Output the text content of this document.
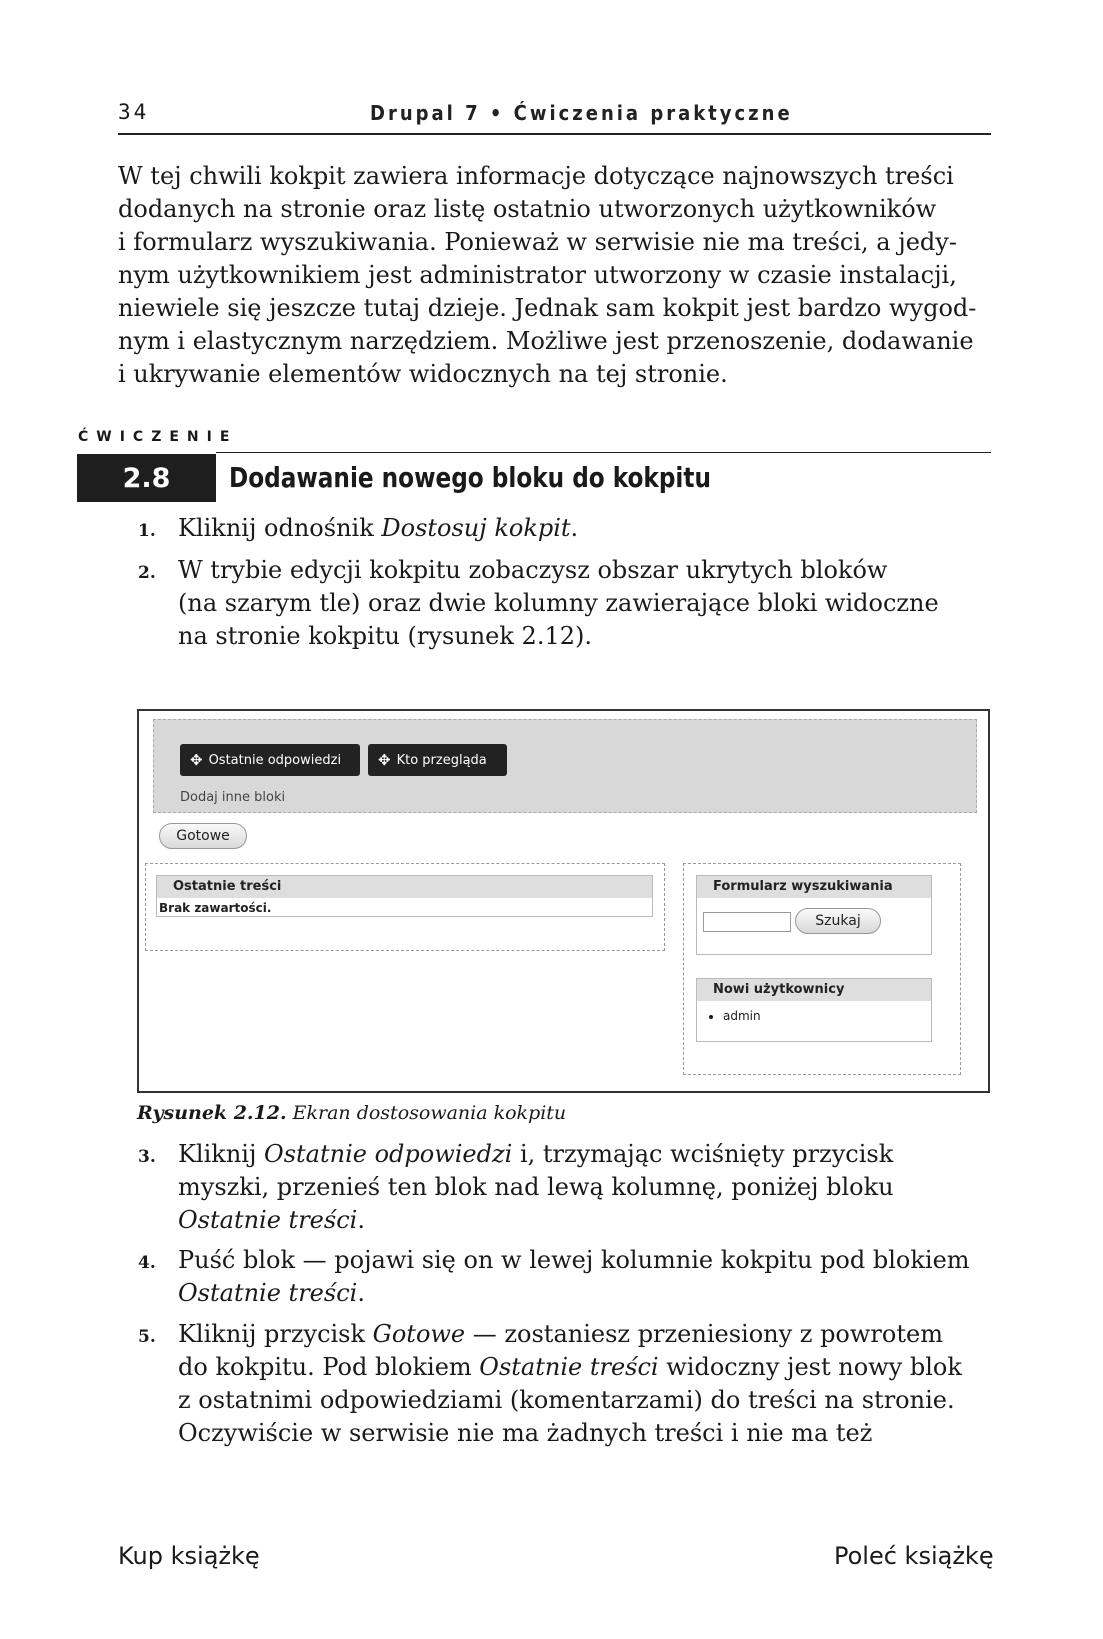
34	Drupal 7 • Ćwiczenia praktyczne
W tej chwili kokpit zawiera informacje dotyczące najnowszych treści
dodanych na stronie oraz listę ostatnio utworzonych użytkowników
i formularz wyszukiwania. Ponieważ w serwisie nie ma treści, a jedy-
nym użytkownikiem jest administrator utworzony w czasie instalacji,
niewiele się jeszcze tutaj dzieje. Jednak sam kokpit jest bardzo wygod-
nym i elastycznym narzędziem. Możliwe jest przenoszenie, dodawanie
i ukrywanie elementów widocznych na tej stronie.
ĆWICZENIE
2.8	Dodawanie nowego bloku do kokpitu
1. Kliknij odnośnik Dostosuj kokpit.
2. W trybie edycji kokpitu zobaczysz obszar ukrytych bloków
(na szarym tle) oraz dwie kolumny zawierające bloki widoczne
na stronie kokpitu (rysunek 2.12).
✥ Ostatnie odpowiedzi ✥ Kto przegląda
Dodaj inne bloki
Gotowe
Ostatnie treści
Brak zawartości.
Formularz wyszukiwania
Szukaj
Nowi użytkownicy
• admin
Rysunek 2.12. Ekran dostosowania kokpitu
3. Kliknij Ostatnie odpowiedzi i, trzymając wciśnięty przycisk
myszki, przenieś ten blok nad lewą kolumnę, poniżej bloku
Ostatnie treści.
4. Puść blok — pojawi się on w lewej kolumnie kokpitu pod blokiem
Ostatnie treści.
5. Kliknij przycisk Gotowe — zostaniesz przeniesiony z powrotem
do kokpitu. Pod blokiem Ostatnie treści widoczny jest nowy blok
z ostatnimi odpowiedziami (komentarzami) do treści na stronie.
Oczywiście w serwisie nie ma żadnych treści i nie ma też
Kup książkę	Poleć książkę
